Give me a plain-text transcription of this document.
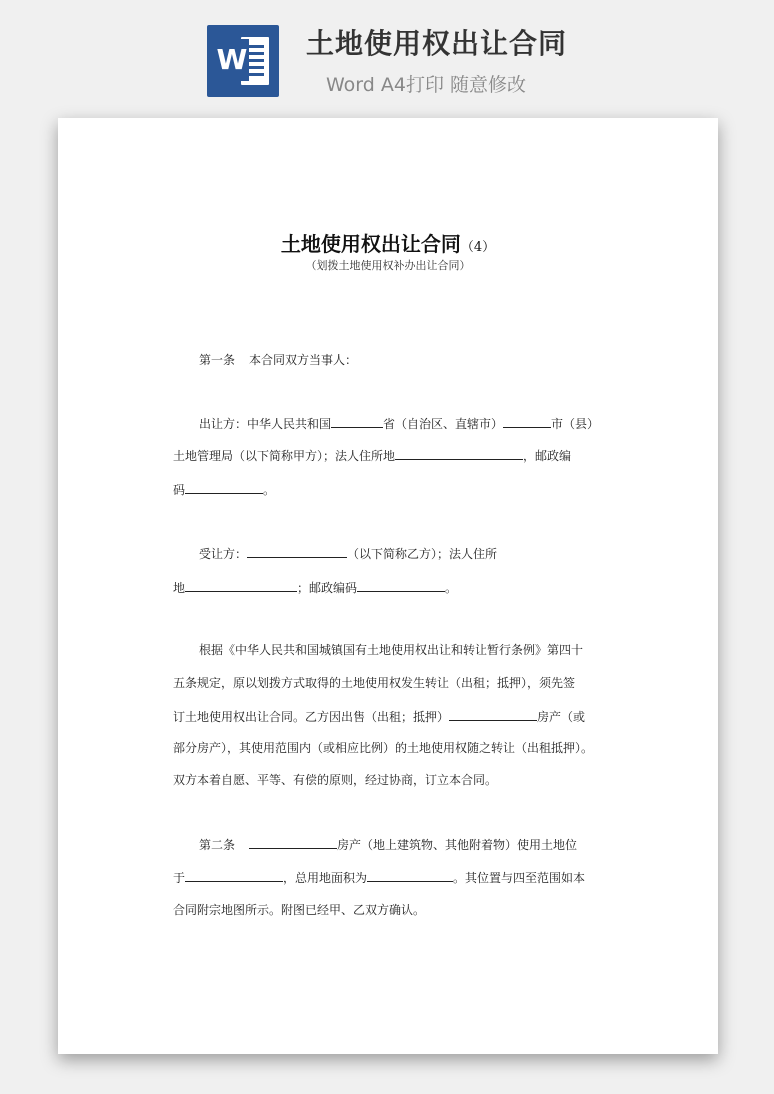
W 土地使用权出让合同
Word A4打印 随意修改
土地使用权出让合同（4）
（划拨土地使用权补办出让合同）
第一条 本合同双方当事人：
出让方：中华人民共和国	省（自治区、直辖市）	市（县）
土地管理局（以下简称甲方）；法人住所地	，邮政编
码	。
受让方：	（以下简称乙方）；法人住所
地	；邮政编码	。
根据《中华人民共和国城镇国有土地使用权出让和转让暂行条例》第四十
五条规定，原以划拨方式取得的土地使用权发生转让（出租；抵押），须先签
订土地使用权出让合同。乙方因出售（出租；抵押）	房产（或
部分房产），其使用范围内（或相应比例）的土地使用权随之转让（出租抵押）。
双方本着自愿、平等、有偿的原则，经过协商，订立本合同。
第二条	房产（地上建筑物、其他附着物）使用土地位
于	，总用地面积为	。其位置与四至范围如本
合同附宗地图所示。附图已经甲、乙双方确认。
